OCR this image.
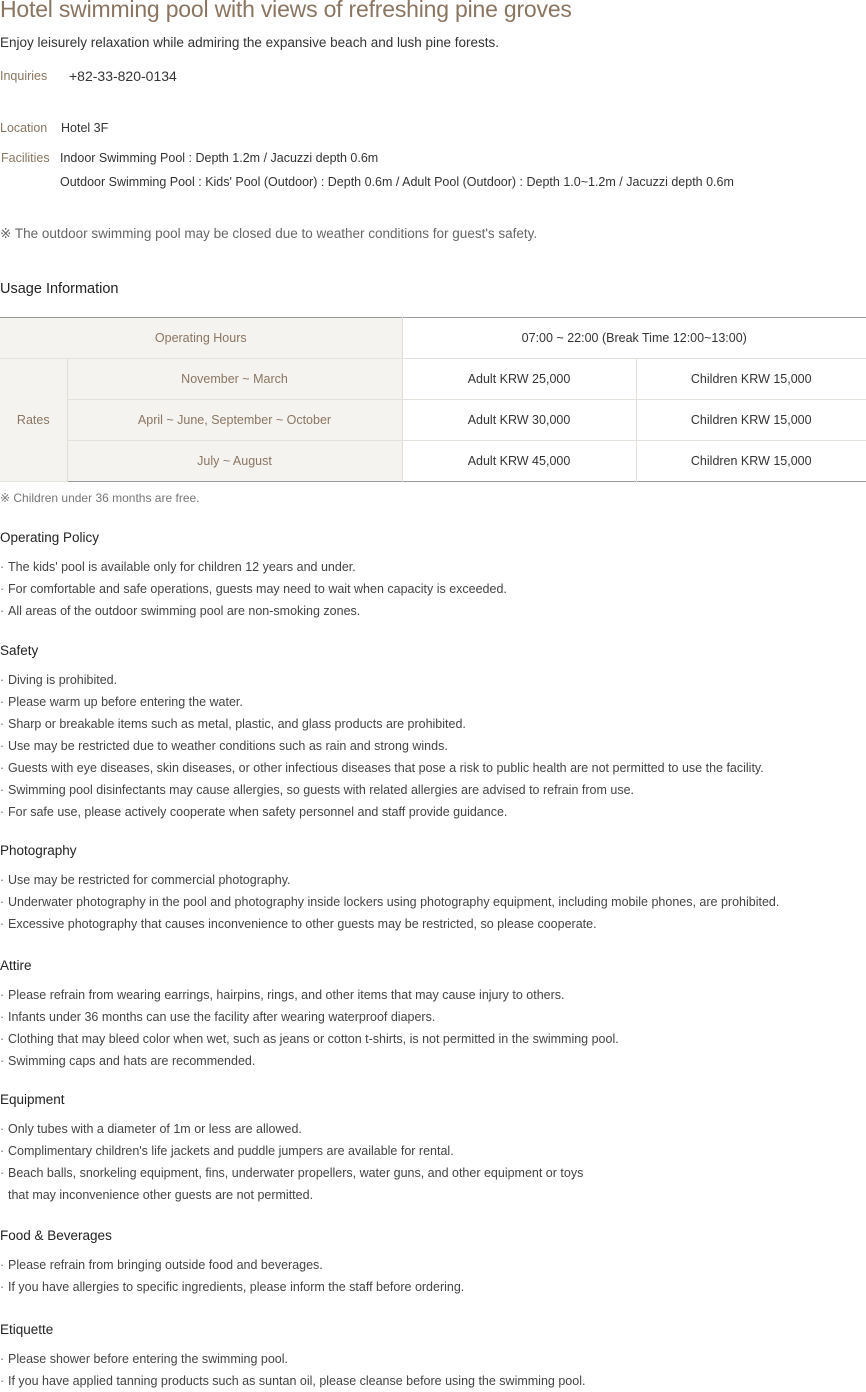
Hotel swimming pool with views of refreshing pine groves
Enjoy leisurely relaxation while admiring the expansive beach and lush pine forests.
Inquiries +82-33-820-0134
Location Hotel 3F
Facilities Indoor Swimming Pool : Depth 1.2m / Jacuzzi depth 0.6m
Outdoor Swimming Pool : Kids' Pool (Outdoor) : Depth 0.6m / Adult Pool (Outdoor) : Depth 1.0~1.2m / Jacuzzi depth 0.6m
※ The outdoor swimming pool may be closed due to weather conditions for guest's safety.
Usage Information
Operating Hours		07:00 ~ 22:00 (Break Time 12:00~13:00)	
Rates	November ~ March	Adult KRW 25,000	Children KRW 15,000
	April ~ June, September ~ October	Adult KRW 30,000	Children KRW 15,000
	July ~ August	Adult KRW 45,000	Children KRW 15,000
※ Children under 36 months are free.
Operating Policy
· The kids' pool is available only for children 12 years and under.
· For comfortable and safe operations, guests may need to wait when capacity is exceeded.
· All areas of the outdoor swimming pool are non-smoking zones.
Safety
· Diving is prohibited.
· Please warm up before entering the water.
· Sharp or breakable items such as metal, plastic, and glass products are prohibited.
· Use may be restricted due to weather conditions such as rain and strong winds.
· Guests with eye diseases, skin diseases, or other infectious diseases that pose a risk to public health are not permitted to use the facility.
· Swimming pool disinfectants may cause allergies, so guests with related allergies are advised to refrain from use.
· For safe use, please actively cooperate when safety personnel and staff provide guidance.
Photography
· Use may be restricted for commercial photography.
· Underwater photography in the pool and photography inside lockers using photography equipment, including mobile phones, are prohibited.
· Excessive photography that causes inconvenience to other guests may be restricted, so please cooperate.
Attire
· Please refrain from wearing earrings, hairpins, rings, and other items that may cause injury to others.
· Infants under 36 months can use the facility after wearing waterproof diapers.
· Clothing that may bleed color when wet, such as jeans or cotton t-shirts, is not permitted in the swimming pool.
· Swimming caps and hats are recommended.
Equipment
· Only tubes with a diameter of 1m or less are allowed.
· Complimentary children's life jackets and puddle jumpers are available for rental.
· Beach balls, snorkeling equipment, fins, underwater propellers, water guns, and other equipment or toys
that may inconvenience other guests are not permitted.
Food & Beverages
· Please refrain from bringing outside food and beverages.
· If you have allergies to specific ingredients, please inform the staff before ordering.
Etiquette
· Please shower before entering the swimming pool.
· If you have applied tanning products such as suntan oil, please cleanse before using the swimming pool.
